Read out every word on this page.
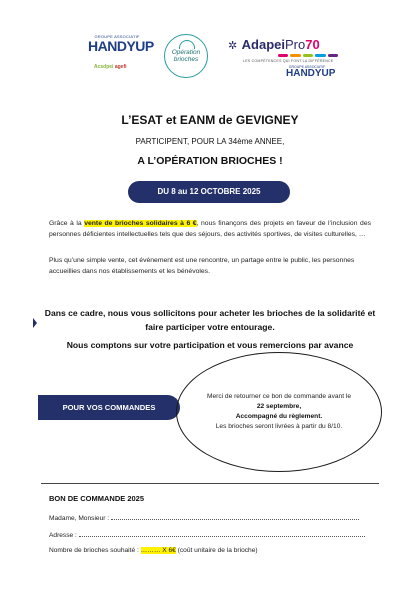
GROUPE ASSOCIATIF
HANDYUP
Acsdpei agefi
Opération
brioches
✲ AdapeiPro70
LES COMPÉTENCES QUI FONT LA DIFFÉRENCE
GROUPE ASSOCIATIF
HANDYUP
L’ESAT et EANM de GEVIGNEY
PARTICIPENT, POUR LA 34ème ANNEE,
A L’OPÉRATION BRIOCHES !
DU 8 au 12 OCTOBRE 2025
Grâce à la vente de brioches solidaires à 6 €, nous finançons des projets en faveur de l’inclusion des personnes déficientes intellectuelles tels que des séjours, des activités sportives, de visites culturelles, …
Plus qu’une simple vente, cet événement est une rencontre, un partage entre le public, les personnes accueillies dans nos établissements et les bénévoles.
Dans ce cadre, nous vous sollicitons pour acheter les brioches de la solidarité et faire participer votre entourage.
Nous comptons sur votre participation et vous remercions par avance
POUR VOS COMMANDES
Merci de retourner ce bon de commande avant le
22 septembre,
Accompagné du règlement.
Les brioches seront livrées à partir du 8/10.
BON DE COMMANDE 2025
Madame, Monsieur :
Adresse :
Nombre de brioches souhaité : ……… X 6€ (coût unitaire de la brioche)
